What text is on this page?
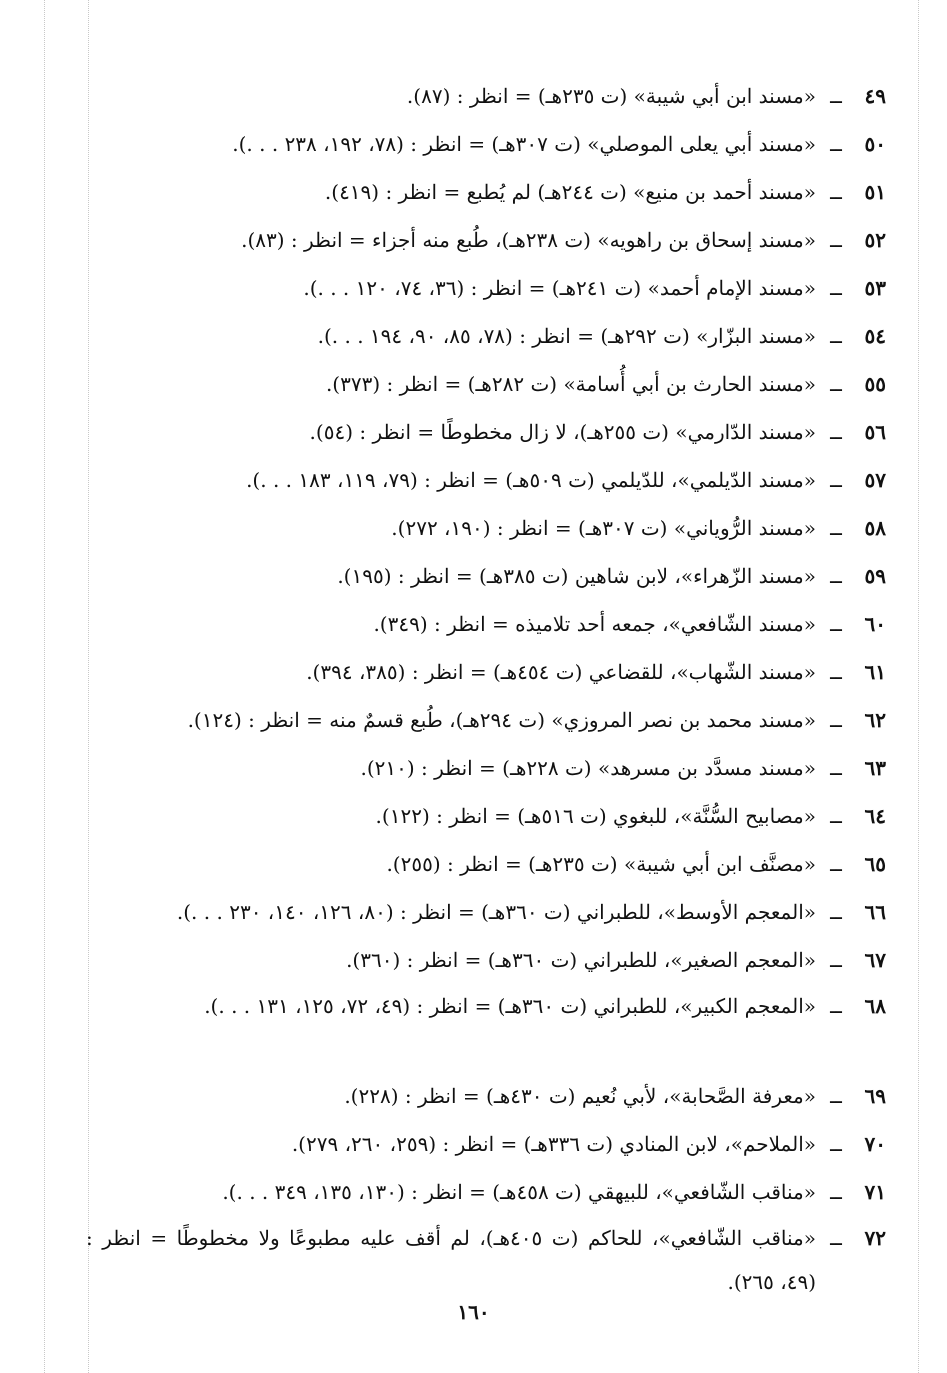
٤٩
ــ
«مسند ابن أبي شيبة» (ت ٢٣٥هـ) = انظر : (٨٧).
٥٠
ــ
«مسند أبي يعلى الموصلي» (ت ٣٠٧هـ) = انظر : (٧٨، ١٩٢، ٢٣٨ . . .).
٥١
ــ
«مسند أحمد بن منيع» (ت ٢٤٤هـ) لم يُطبع = انظر : (٤١٩).
٥٢
ــ
«مسند إسحاق بن راهويه» (ت ٢٣٨هـ)، طُبع منه أجزاء = انظر : (٨٣).
٥٣
ــ
«مسند الإمام أحمد» (ت ٢٤١هـ) = انظر : (٣٦، ٧٤، ١٢٠ . . .).
٥٤
ــ
«مسند البزّار» (ت ٢٩٢هـ) = انظر : (٧٨، ٨٥، ٩٠، ١٩٤ . . .).
٥٥
ــ
«مسند الحارث بن أبي أُسامة» (ت ٢٨٢هـ) = انظر : (٣٧٣).
٥٦
ــ
«مسند الدّارمي» (ت ٢٥٥هـ)، لا زال مخطوطًا = انظر : (٥٤).
٥٧
ــ
«مسند الدّيلمي»، للدّيلمي (ت ٥٠٩هـ) = انظر : (٧٩، ١١٩، ١٨٣ . . .).
٥٨
ــ
«مسند الرُّوياني» (ت ٣٠٧هـ) = انظر : (١٩٠، ٢٧٢).
٥٩
ــ
«مسند الزّهراء»، لابن شاهين (ت ٣٨٥هـ) = انظر : (١٩٥).
٦٠
ــ
«مسند الشّافعي»، جمعه أحد تلاميذه = انظر : (٣٤٩).
٦١
ــ
«مسند الشّهاب»، للقضاعي (ت ٤٥٤هـ) = انظر : (٣٨٥، ٣٩٤).
٦٢
ــ
«مسند محمد بن نصر المروزي» (ت ٢٩٤هـ)، طُبع قسمٌ منه = انظر : (١٢٤).
٦٣
ــ
«مسند مسدَّد بن مسرهد» (ت ٢٢٨هـ) = انظر : (٢١٠).
٦٤
ــ
«مصابيح السُّنَّة»، للبغوي (ت ٥١٦هـ) = انظر : (١٢٢).
٦٥
ــ
«مصنَّف ابن أبي شيبة» (ت ٢٣٥هـ) = انظر : (٢٥٥).
٦٦
ــ
«المعجم الأوسط»، للطبراني (ت ٣٦٠هـ) = انظر : (٨٠، ١٢٦، ١٤٠، ٢٣٠ . . .).
٦٧
ــ
«المعجم الصغير»، للطبراني (ت ٣٦٠هـ) = انظر : (٣٦٠).
٦٨
ــ
«المعجم الكبير»، للطبراني (ت ٣٦٠هـ) = انظر : (٤٩، ٧٢، ١٢٥، ١٣١ . . .).
٦٩
ــ
«معرفة الصَّحابة»، لأبي نُعيم (ت ٤٣٠هـ) = انظر : (٢٢٨).
٧٠
ــ
«الملاحم»، لابن المنادي (ت ٣٣٦هـ) = انظر : (٢٥٩، ٢٦٠، ٢٧٩).
٧١
ــ
«مناقب الشّافعي»، للبيهقي (ت ٤٥٨هـ) = انظر : (١٣٠، ١٣٥، ٣٤٩ . . .).
٧٢
ــ
«مناقب الشّافعي»، للحاكم (ت ٤٠٥هـ)، لم أقف عليه مطبوعًا ولا مخطوطًا = انظر : (٤٩، ٢٦٥).
١٦٠
